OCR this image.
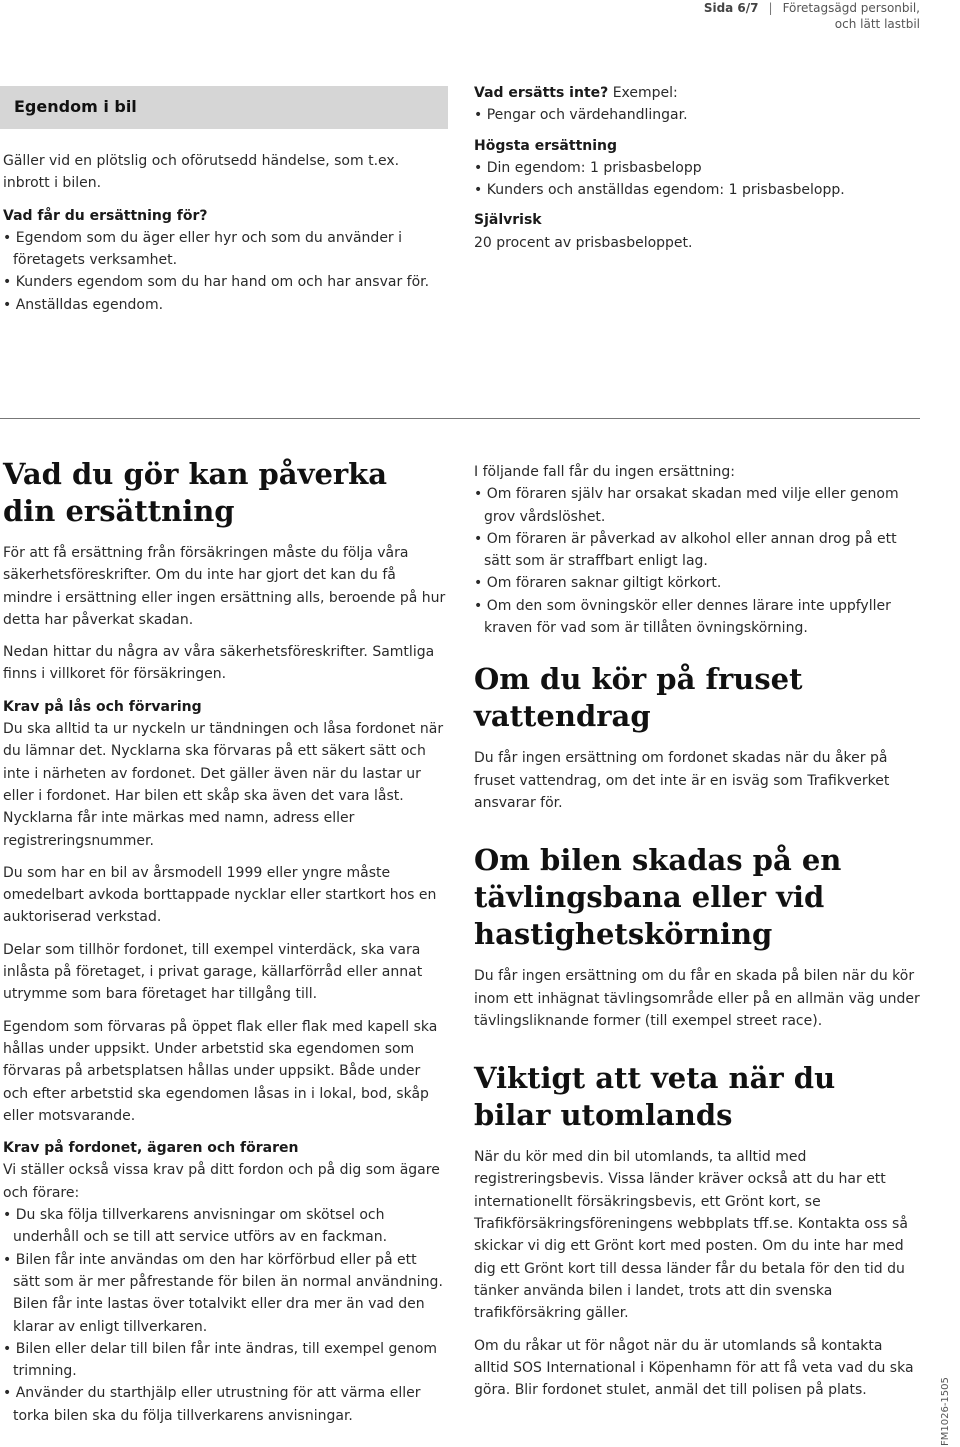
Sida 6/7 | Företagsägd personbil,
och lätt lastbil
Egendom i bil

Gäller vid en plötslig och oförutsedd händelse, som t.ex. inbrott i bilen.

Vad får du ersättning för?

• Egendom som du äger eller hyr och som du använder i företagets verksamhet.

• Kunders egendom som du har hand om och har ansvar för.

• Anställdas egendom.

Vad ersätts inte? Exempel:

• Pengar och värdehandlingar.

Högsta ersättning

• Din egendom: 1 prisbasbelopp

• Kunders och anställdas egendom: 1 prisbasbelopp.

Självrisk

20 procent av prisbasbeloppet.

Vad du gör kan påverka din ersättning

För att få ersättning från försäkringen måste du följa våra säkerhetsföreskrifter. Om du inte har gjort det kan du få mindre i ersättning eller ingen ersättning alls, beroende på hur detta har påverkat skadan.

Nedan hittar du några av våra säkerhetsföreskrifter. Samtliga finns i villkoret för försäkringen.

Krav på lås och förvaring

Du ska alltid ta ur nyckeln ur tändningen och låsa fordonet när du lämnar det. Nycklarna ska förvaras på ett säkert sätt och inte i närheten av fordonet. Det gäller även när du lastar ur eller i fordonet. Har bilen ett skåp ska även det vara låst. Nycklarna får inte märkas med namn, adress eller registreringsnummer.

Du som har en bil av årsmodell 1999 eller yngre måste omedelbart avkoda borttappade nycklar eller startkort hos en auktoriserad verkstad.

Delar som tillhör fordonet, till exempel vinterdäck, ska vara inlåsta på företaget, i privat garage, källarförråd eller annat utrymme som bara företaget har tillgång till.

Egendom som förvaras på öppet flak eller flak med kapell ska hållas under uppsikt. Under arbetstid ska egendomen som förvaras på arbetsplatsen hållas under uppsikt. Både under och efter arbetstid ska egendomen låsas in i lokal, bod, skåp eller motsvarande.

Krav på fordonet, ägaren och föraren

Vi ställer också vissa krav på ditt fordon och på dig som ägare och förare:

• Du ska följa tillverkarens anvisningar om skötsel och underhåll och se till att service utförs av en fackman.

• Bilen får inte användas om den har körförbud eller på ett sätt som är mer påfrestande för bilen än normal användning. Bilen får inte lastas över totalvikt eller dra mer än vad den klarar av enligt tillverkaren.

• Bilen eller delar till bilen får inte ändras, till exempel genom trimning.

• Använder du starthjälp eller utrustning för att värma eller torka bilen ska du följa tillverkarens anvisningar.

I följande fall får du ingen ersättning:

• Om föraren själv har orsakat skadan med vilje eller genom grov vårdslöshet.

• Om föraren är påverkad av alkohol eller annan drog på ett sätt som är straffbart enligt lag.

• Om föraren saknar giltigt körkort.

• Om den som övningskör eller dennes lärare inte uppfyller kraven för vad som är tillåten övningskörning.

Om du kör på fruset vattendrag

Du får ingen ersättning om fordonet skadas när du åker på fruset vattendrag, om det inte är en isväg som Trafikverket ansvarar för.

Om bilen skadas på en tävlingsbana eller vid hastighetskörning

Du får ingen ersättning om du får en skada på bilen när du kör inom ett inhägnat tävlingsområde eller på en allmän väg under tävlingsliknande former (till exempel street race).

Viktigt att veta när du bilar utomlands

När du kör med din bil utomlands, ta alltid med registreringsbevis. Vissa länder kräver också att du har ett internationellt försäkringsbevis, ett Grönt kort, se Trafikförsäkringsföreningens webbplats tff.se. Kontakta oss så skickar vi dig ett Grönt kort med posten. Om du inte har med dig ett Grönt kort till dessa länder får du betala för den tid du tänker använda bilen i landet, trots att din svenska trafikförsäkring gäller.

Om du råkar ut för något när du är utomlands så kontakta alltid SOS International i Köpenhamn för att få veta vad du ska göra. Blir fordonet stulet, anmäl det till polisen på plats.	FM1026-1505
